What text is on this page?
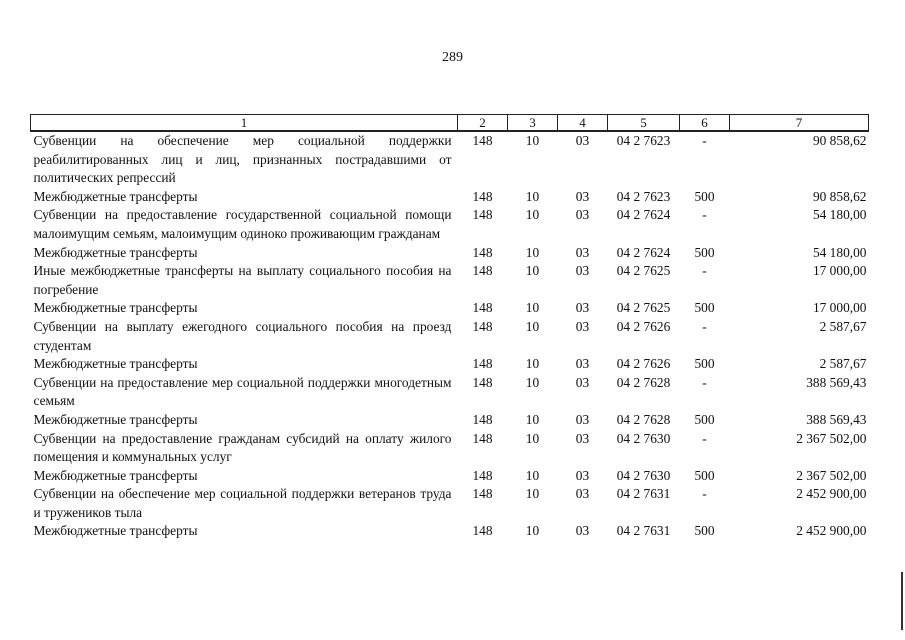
289
1	2	3	4	5	6	7
Субвенции на обеспечение мер социальной поддержки реабилитированных лиц и лиц, признанных пострадавшими от политических репрессий	148	10	03	04 2 7623	-	90 858,62
Межбюджетные трансферты	148	10	03	04 2 7623	500	90 858,62
Субвенции на предоставление государственной социальной помощи малоимущим семьям, малоимущим одиноко проживающим гражданам	148	10	03	04 2 7624	-	54 180,00
Межбюджетные трансферты	148	10	03	04 2 7624	500	54 180,00
Иные межбюджетные трансферты на выплату социального пособия на погребение	148	10	03	04 2 7625	-	17 000,00
Межбюджетные трансферты	148	10	03	04 2 7625	500	17 000,00
Субвенции на выплату ежегодного социального пособия на проезд студентам	148	10	03	04 2 7626	-	2 587,67
Межбюджетные трансферты	148	10	03	04 2 7626	500	2 587,67
Субвенции на предоставление мер социальной поддержки многодетным семьям	148	10	03	04 2 7628	-	388 569,43
Межбюджетные трансферты	148	10	03	04 2 7628	500	388 569,43
Субвенции на предоставление гражданам субсидий на оплату жилого помещения и коммунальных услуг	148	10	03	04 2 7630	-	2 367 502,00
Межбюджетные трансферты	148	10	03	04 2 7630	500	2 367 502,00
Субвенции на обеспечение мер социальной поддержки ветеранов труда и тружеников тыла	148	10	03	04 2 7631	-	2 452 900,00
Межбюджетные трансферты	148	10	03	04 2 7631	500	2 452 900,00
